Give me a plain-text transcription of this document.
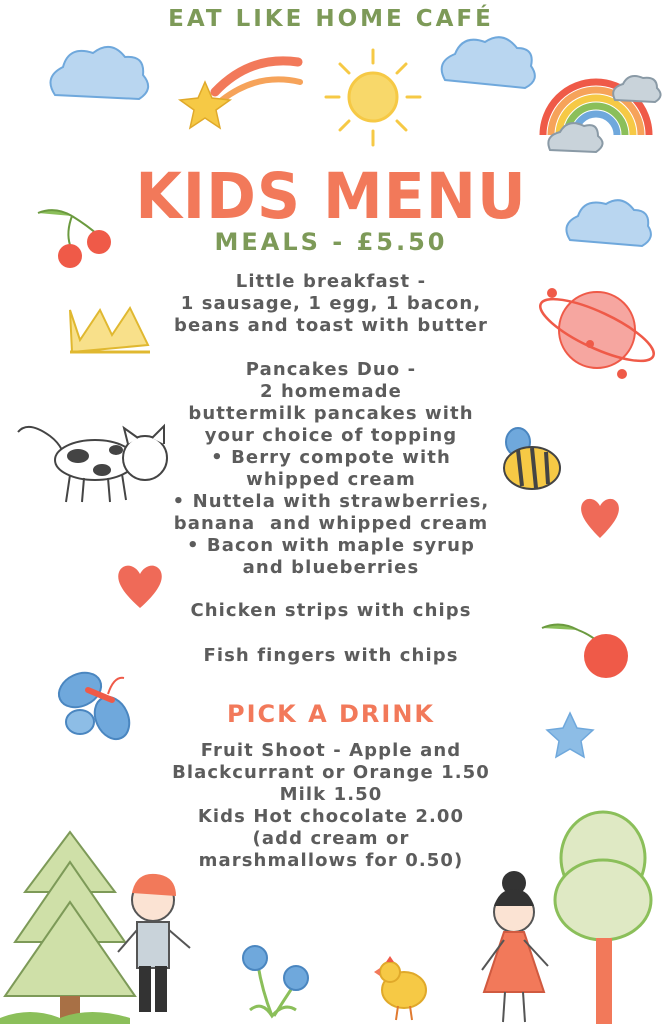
EAT LIKE HOME CAFÉ
KIDS MENU
MEALS - £5.50
Little breakfast -
1 sausage, 1 egg, 1 bacon,
beans and toast with butter
Pancakes Duo -
2 homemade
buttermilk pancakes with
your choice of topping
• Berry compote with
whipped cream
• Nuttela with strawberries,
banana  and whipped cream
• Bacon with maple syrup
and blueberries
Chicken strips with chips
Fish fingers with chips
PICK A DRINK
Fruit Shoot - Apple and
Blackcurrant or Orange 1.50
Milk 1.50
Kids Hot chocolate 2.00
(add cream or
marshmallows for 0.50)
